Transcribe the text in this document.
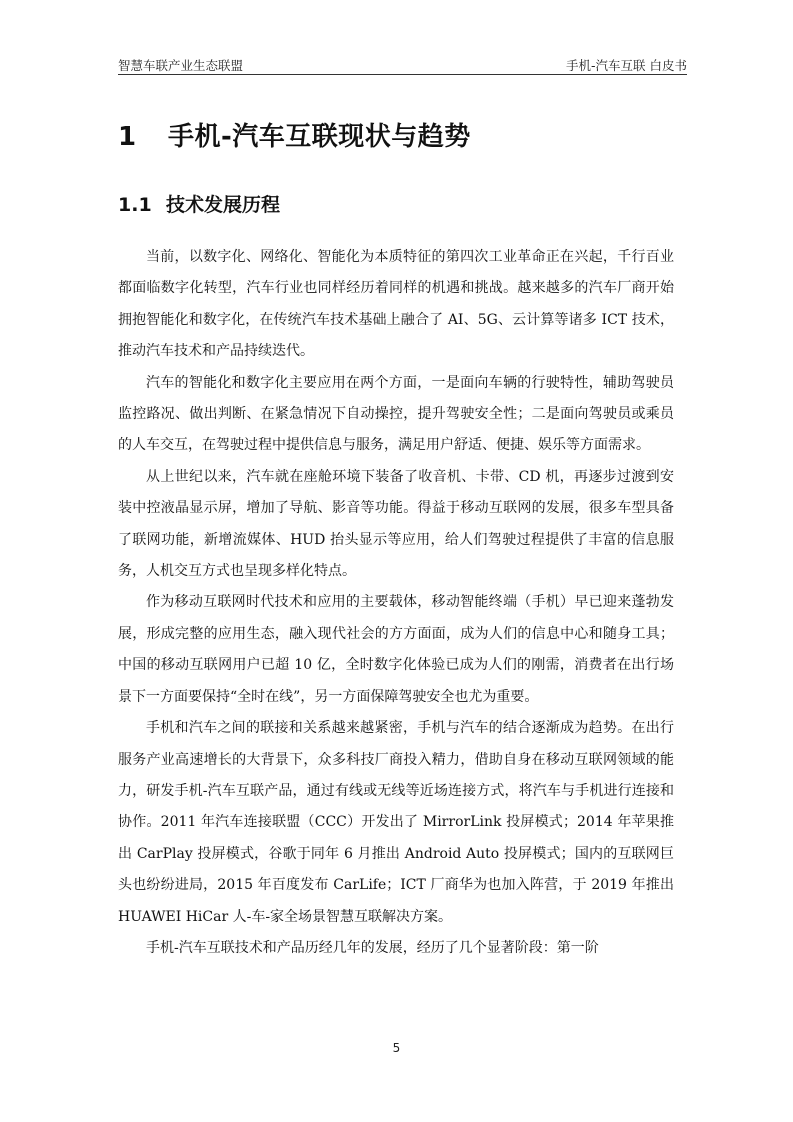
智慧车联产业生态联盟	手机-汽车互联 白皮书
1 手机-汽车互联现状与趋势
1.1 技术发展历程

当前，以数字化、网络化、智能化为本质特征的第四次工业革命正在兴起，千行百业都面临数字化转型，汽车行业也同样经历着同样的机遇和挑战。越来越多的汽车厂商开始拥抱智能化和数字化，在传统汽车技术基础上融合了 AI、5G、云计算等诸多 ICT 技术，推动汽车技术和产品持续迭代。

汽车的智能化和数字化主要应用在两个方面，一是面向车辆的行驶特性，辅助驾驶员监控路况、做出判断、在紧急情况下自动操控，提升驾驶安全性；二是面向驾驶员或乘员的人车交互，在驾驶过程中提供信息与服务，满足用户舒适、便捷、娱乐等方面需求。

从上世纪以来，汽车就在座舱环境下装备了收音机、卡带、CD 机，再逐步过渡到安装中控液晶显示屏，增加了导航、影音等功能。得益于移动互联网的发展，很多车型具备了联网功能，新增流媒体、HUD 抬头显示等应用，给人们驾驶过程提供了丰富的信息服务，人机交互方式也呈现多样化特点。

作为移动互联网时代技术和应用的主要载体，移动智能终端（手机）早已迎来蓬勃发展，形成完整的应用生态，融入现代社会的方方面面，成为人们的信息中心和随身工具；中国的移动互联网用户已超 10 亿，全时数字化体验已成为人们的刚需，消费者在出行场景下一方面要保持“全时在线”，另一方面保障驾驶安全也尤为重要。

手机和汽车之间的联接和关系越来越紧密，手机与汽车的结合逐渐成为趋势。在出行服务产业高速增长的大背景下，众多科技厂商投入精力，借助自身在移动互联网领域的能力，研发手机-汽车互联产品，通过有线或无线等近场连接方式，将汽车与手机进行连接和协作。2011 年汽车连接联盟（CCC）开发出了 MirrorLink 投屏模式；2014 年苹果推出 CarPlay 投屏模式，谷歌于同年 6 月推出 Android Auto 投屏模式；国内的互联网巨头也纷纷进局，2015 年百度发布 CarLife；ICT 厂商华为也加入阵营，于 2019 年推出 HUAWEI HiCar 人-车-家全场景智慧互联解决方案。

手机-汽车互联技术和产品历经几年的发展，经历了几个显著阶段：第一阶

5
